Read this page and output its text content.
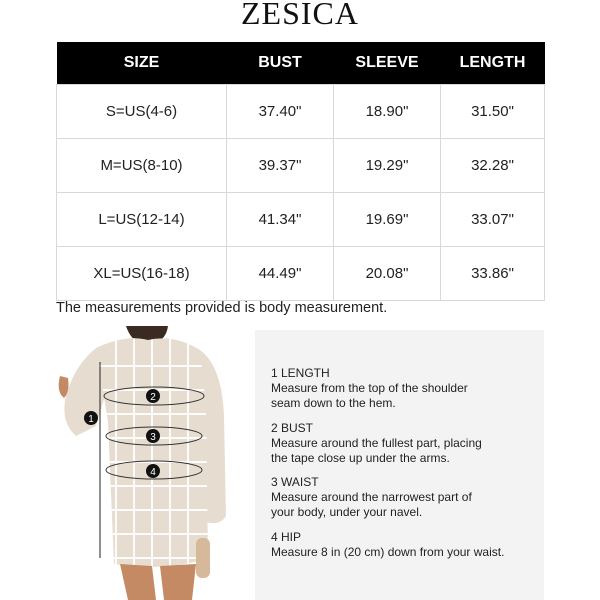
ZESICA
SIZE	BUST	SLEEVE	LENGTH
S=US(4-6)	37.40"	18.90"	31.50"
M=US(8-10)	39.37"	19.29"	32.28"
L=US(12-14)	41.34"	19.69"	33.07"
XL=US(16-18)	44.49"	20.08"	33.86"
The measurements provided is body measurement.
1
2
3
4
1 LENGTH
Measure from the top of the shoulder
seam down to the hem.
2 BUST
Measure around the fullest part, placing
the tape close up under the arms.
3 WAIST
Measure around the narrowest part of
your body, under your navel.
4 HIP
Measure 8 in (20 cm) down from your waist.
